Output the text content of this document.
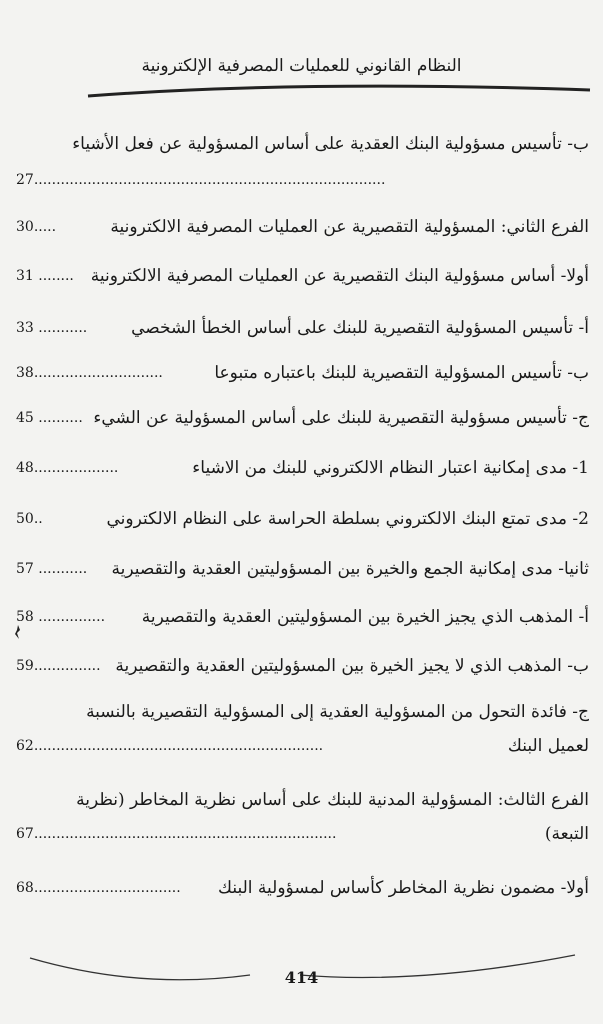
النظام القانوني للعمليات المصرفية الإلكترونية
ب- تأسيس مسؤولية البنك العقدية على أساس المسؤولية عن فعل الأشياء
27...............................................................................
الفرع الثاني: المسؤولية التقصيرية عن العمليات المصرفية الالكترونية
30.....
أولا- أساس مسؤولية البنك التقصيرية عن العمليات المصرفية الالكترونية
31 ........
أ- تأسيس المسؤولية التقصيرية للبنك على أساس الخطأ الشخصي
33 ...........
ب- تأسيس المسؤولية التقصيرية للبنك باعتباره متبوعا
38.............................
ج- تأسيس مسؤولية التقصيرية للبنك على أساس المسؤولية عن الشيء
45 ..........
1- مدى إمكانية اعتبار النظام الالكتروني للبنك من الاشياء
48...................
2- مدى تمتع البنك الالكتروني بسلطة الحراسة على النظام الالكتروني
50..
ثانيا- مدى إمكانية الجمع والخيرة بين المسؤوليتين العقدية والتقصيرية
57 ...........
أ- المذهب الذي يجيز الخيرة بين المسؤوليتين العقدية والتقصيرية
58 ...............
ب- المذهب الذي لا يجيز الخيرة بين المسؤوليتين العقدية والتقصيرية
59...............
ج- فائدة التحول من المسؤولية العقدية إلى المسؤولية التقصيرية بالنسبة
لعميل البنك
62.................................................................
الفرع الثالث: المسؤولية المدنية للبنك على أساس نظرية المخاطر (نظرية
التبعة)
67....................................................................
أولا- مضمون نظرية المخاطر كأساس لمسؤولية البنك
68.................................
414
